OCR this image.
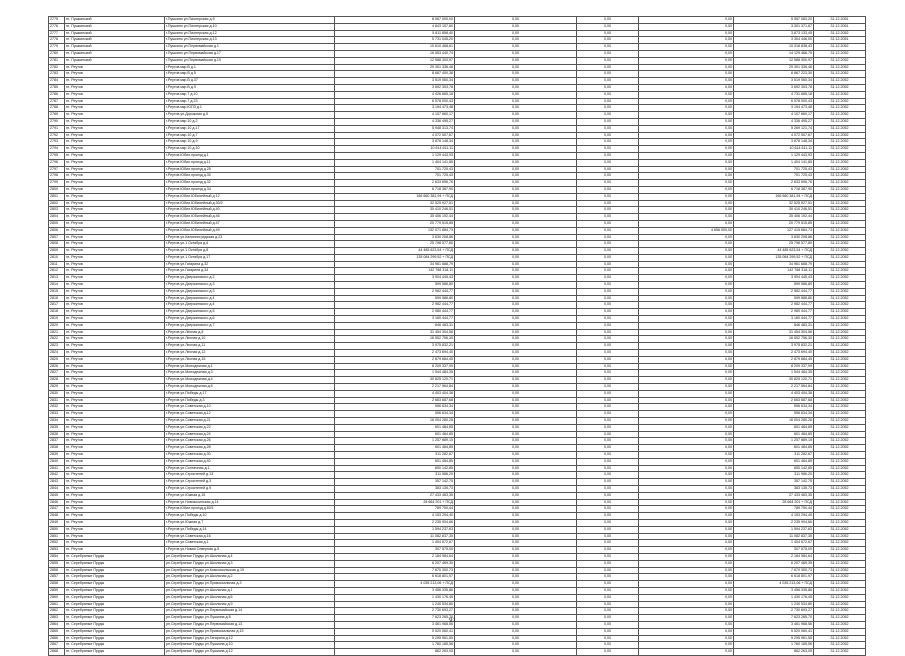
2775	гп. Пушкинский	г.Пушкино ул.Пионерская д.9	8 067 000,00	0,00	0,00	0,00	5 557 083,20	31.12.2051
2776	гп. Пушкинский	г.Пушкино ул.Пионерская д.10	4 843 157,60	0,00	0,00	0,00	3 301 371,67	31.12.2051
2777	гп. Пушкинский	г.Пушкино ул.Пионерская д.12	5 811 858,40	0,00	0,00	0,00	3 873 133,45	31.12.2052
2778	гп. Пушкинский	г.Пушкино ул.Пионерская д.13	5 731 045,20	0,00	0,00	0,00	3 304 446,00	31.12.2051
2779	гп. Пушкинский	г.Пушкино ул.Первомайская д.1	10 610 468,61	0,00	0,00	0,00	10 318 838,43	31.12.2052
2780	гп. Пушкинский	г.Пушкино ул.Первомайская д.17	16 553 440,74	0,00	0,00	0,00	14 129 466,75	31.12.2052
2781	гп. Пушкинский	г.Пушкино ул.Первомайская д.19	12 588 300,97	0,00	0,00	0,00	12 588 300,97	31.12.2052
2782	гп. Реутов	г.Реутов мкр.В д.1	29 301 336,46	0,00	0,00	0,00	29 301 336,46	31.12.2052
2783	гп. Реутов	г.Реутов мкр.В д.5	8 687 400,38	0,00	0,00	0,00	8 867 223,30	31.12.2052
2784	гп. Реутов	г.Реутов мкр.В д.37	3 519 060,34	0,00	0,00	0,00	3 519 060,34	31.12.2052
2785	гп. Реутов	г.Реутов мкр.В д.9	3 692 303,78	0,00	0,00	0,00	3 692 303,78	31.12.2052
2786	гп. Реутов	г.Реутов мкр.7 д.10	4 426 665,18	0,00	0,00	0,00	4 731 665,18	31.12.2052
2787	гп. Реутов	г.Реутов мкр.7 д.23	6 578 000,43	0,00	0,00	0,00	6 578 000,43	31.12.2052
2788	гп. Реутов	г.Реутов мкр.ЮПЗ д.1	3 194 473,48	0,00	0,00	0,00	3 194 473,48	31.12.2052
2789	гп. Реутов	г.Реутов ул.Дорожная д.5	4 107 660,17	0,00	0,00	0,00	4 107 660,17	31.12.2052
2790	гп. Реутов	г.Реутов мкр.10 д.2	4 336 495,27	0,00	0,00	0,00	4 336 495,27	31.12.2052
2791	гп. Реутов	г.Реутов мкр.10 д.17	5 948 313,74	0,00	0,00	0,00	5 269 121,74	31.12.2052
2792	гп. Реутов	г.Реутов мкр.10 д.7	4 072 507,67	0,00	0,00	0,00	4 072 507,67	31.12.2052
2793	гп. Реутов	г.Реутов мкр.10 д.9	3 878 148,34	0,00	0,00	0,00	3 878 148,34	31.12.2052
2794	гп. Реутов	г.Реутов мкр.10 д.10	10 614 611,11	0,00	0,00	0,00	10 614 611,11	31.12.2052
2795	гп. Реутов	г.Реутов Юбил.проезд д.1	1 129 443,93	0,00	0,00	0,00	1 129 443,93	31.12.2052
2796	гп. Реутов	г.Реутов Юбил.проезд д.11	1 404 141,85	0,00	0,00	0,00	1 404 141,85	31.12.2052
2797	гп. Реутов	г.Реутов Юбил.проезд д.25	701 725,43	0,00	0,00	0,00	701 725,43	31.12.2052
2798	гп. Реутов	г.Реутов Юбил.проезд д.30	701 725,43	0,00	0,00	0,00	701 725,43	31.12.2052
2799	гп. Реутов	г.Реутов Юбил.проезд д.32	2 633 696,76	0,00	0,00	0,00	2 633 696,76	31.12.2052
2800	гп. Реутов	г.Реутов Юбил.проезд д.34	6 718 387,90	0,00	0,00	0,00	6 718 387,90	31.12.2052
2801	гп. Реутов	г.Реутов Юбил.Юбилейный д.12	166 660 381,94 + ПСД	0,00	0,00	0,00	166 660 381,94 + ПСД	31.12.2052
2802	гп. Реутов	г.Реутов Юбил.Юбилейный д.30/2	32 525 927,51	0,00	0,00	0,00	32 525 927,51	31.12.2052
2803	гп. Реутов	г.Реутов Юбил.Юбилейный д.40	30 410 246,51	0,00	0,00	0,00	30 410 246,51	31.12.2052
2804	гп. Реутов	г.Реутов Юбил.Юбилейный д.46	35 406 192,44	0,00	0,00	0,00	35 406 192,44	31.12.2052
2805	гп. Реутов	г.Реутов Юбил.Юбилейный д.47	20 779 515,85	0,00	0,00	0,00	20 779 515,85	31.12.2052
2806	гп. Реутов	г.Реутов Юбил.Юбилейный д.49	132 071 684,73	0,00	0,00	4 656 000,00	127 415 684,73	31.12.2052
2807	гп. Реутов	г.Реутов ул.Калининградская д.23	3 630 208,86	0,00	0,00	0,00	3 630 208,86	31.12.2052
2808	гп. Реутов	г.Реутов ул.1 Октября д.6	25 798 577,80	0,00	0,00	0,00	25 798 577,80	31.12.2052
2809	гп. Реутов	г.Реутов ул.1 Октября д.8	44 485 623,54 + ПСД	0,00	0,00	0,00	44 485 623,54 + ПСД	31.12.2052
2810	гп. Реутов	г.Реутов ул.1 Октября д.17	135 084 299,52 + ПСД	0,00	0,00	0,00	135 084 299,52 + ПСД	31.12.2052
2811	гп. Реутов	г.Реутов ул.Гагарина д.32	34 961 688,79	0,00	0,00	0,00	34 961 688,79	31.12.2052
2812	гп. Реутов	г.Реутов ул.Гагарина д.34	142 768 318,11	0,00	0,00	0,00	142 768 318,11	31.12.2052
2813	гп. Реутов	г.Реутов ул.Дзержинского д.2	3 904 445,43	0,00	0,00	0,00	3 904 445,43	31.12.2052
2814	гп. Реутов	г.Реутов ул.Дзержинского д.3	599 586,80	0,00	0,00	0,00	599 586,80	31.12.2052
2815	гп. Реутов	г.Реутов ул.Дзержинского д.3	2 982 444,77	0,00	0,00	0,00	2 982 444,77	31.12.2052
2816	гп. Реутов	г.Реутов ул.Дзержинского д.4	599 586,80	0,00	0,00	0,00	599 586,80	31.12.2052
2817	гп. Реутов	г.Реутов ул.Дзержинского д.4	2 982 444,77	0,00	0,00	0,00	2 982 444,77	31.12.2052
2818	гп. Реутов	г.Реутов ул.Дзержинского д.5	2 980 444,77	0,00	0,00	0,00	2 980 444,77	31.12.2052
2819	гп. Реутов	г.Реутов ул.Дзержинского д.6	3 160 444,77	0,00	0,00	0,00	3 160 444,77	31.12.2052
2820	гп. Реутов	г.Реутов ул.Дзержинского д.7	846 483,31	0,00	0,00	0,00	846 483,31	31.12.2052
2821	гп. Реутов	г.Реутов ул.Лесная д.8	31 454 304,56	0,00	0,00	0,00	31 454 304,56	31.12.2052
2822	гп. Реутов	г.Реутов ул.Лесная д.10	16 552 756,30	0,00	0,00	0,00	16 552 756,30	31.12.2052
2823	гп. Реутов	г.Реутов ул.Лесная д.11	3 975 832,21	0,00	0,00	0,00	3 975 832,21	31.12.2052
2824	гп. Реутов	г.Реутов ул.Лесная д.13	2 473 694,40	0,00	0,00	0,00	2 473 694,40	31.12.2052
2825	гп. Реутов	г.Реутов ул.Лесная д.15	2 879 684,45	0,00	0,00	0,00	2 879 684,45	31.12.2052
2826	гп. Реутов	г.Реутов ул.Молодежная д.1	8 209 337,99	0,00	0,00	0,00	8 209 337,99	31.12.2052
2827	гп. Реутов	г.Реутов ул.Молодежная д.3	1 544 484,35	0,00	0,00	0,00	1 544 484,35	31.12.2052
2828	гп. Реутов	г.Реутов ул.Молодежная д.4	30 825 120,71	0,00	0,00	0,00	30 825 120,71	31.12.2052
2829	гп. Реутов	г.Реутов ул.Молодежная д.6	2 217 564,84	0,00	0,00	0,00	2 217 564,84	31.12.2052
2830	гп. Реутов	г.Реутов ул.Победы д.17	4 403 404,38	0,00	0,00	0,00	4 403 404,38	31.12.2052
2831	гп. Реутов	г.Реутов ул.Победы д.3	2 663 687,68	0,00	0,00	0,00	2 663 687,68	31.12.2052
2832	гп. Реутов	г.Реутов ул.Советская д.10	556 634,34	0,00	0,00	0,00	556 634,34	31.12.2052
2833	гп. Реутов	г.Реутов ул.Советская д.12	556 634,34	0,00	0,00	0,00	556 634,34	31.12.2052
2834	гп. Реутов	г.Реутов ул.Советская д.21	16 004 280,28	0,00	0,00	0,00	16 004 280,28	31.12.2052
2835	гп. Реутов	г.Реутов ул.Советская д.22	601 484,85	0,00	0,00	0,00	601 484,85	31.12.2052
2836	гп. Реутов	г.Реутов ул.Советская д.24	601 484,85	0,00	0,00	0,00	601 484,85	31.12.2052
2837	гп. Реутов	г.Реутов ул.Советская д.26	1 257 889,15	0,00	0,00	0,00	1 257 889,15	31.12.2052
2838	гп. Реутов	г.Реутов ул.Советская д.28	601 484,85	0,00	0,00	0,00	601 484,85	31.12.2052
2839	гп. Реутов	г.Реутов ул.Советская д.30	311 282,67	0,00	0,00	0,00	311 282,67	31.12.2052
2840	гп. Реутов	г.Реутов ул.Советская д.40	601 484,85	0,00	0,00	0,00	601 484,85	31.12.2052
2841	гп. Реутов	г.Реутов ул.Солнечная д.1	650 142,85	0,00	0,00	0,00	650 142,85	31.12.2052
2842	гп. Реутов	г.Реутов ул.Строителей д.13	311 986,20	0,00	0,00	0,00	311 986,20	31.12.2052
2843	гп. Реутов	г.Реутов ул.Строителей д.3	357 142,75	0,00	0,00	0,00	357 142,75	31.12.2052
2844	гп. Реутов	г.Реутов ул.Строителей д.9	383 135,73	0,00	0,00	0,00	383 135,73	31.12.2052
2845	гп. Реутов	г.Реутов ул.Южная д.15	27 433 463,35	0,00	0,00	0,00	27 433 463,35	31.12.2052
2846	гп. Реутов	г.Реутов ул.Новокосинская д.14	28 664 201 + ПСД	0,00	0,00	0,00	28 664 201 + ПСД	31.12.2052
2847	гп. Реутов	г.Реутов Юбил.проезд д.60/1	789 750,44	0,00	0,00	0,00	789 750,44	31.12.2052
2848	гп. Реутов	г.Реутов ул.Победы д.10	4 153 294,40	0,00	0,00	0,00	4 153 294,40	31.12.2052
2849	гп. Реутов	г.Реутов ул.Южная д.7	2 235 904,66	0,00	0,00	0,00	2 235 904,66	31.12.2052
2850	гп. Реутов	г.Реутов ул.Победы д.14	1 594 237,63	0,00	0,00	0,00	1 594 237,63	31.12.2052
2851	гп. Реутов	г.Реутов ул.Советская д.16	11 082 837,35	0,00	0,00	0,00	11 082 837,35	31.12.2052
2852	гп. Реутов	г.Реутов ул.Советская д.1	1 404 672,67	0,00	0,00	0,00	1 404 672,67	31.12.2052
2853	гп. Реутов	г.Реутов ул.Новая Северная д.5	307 575,00	0,00	0,00	0,00	307 575,00	31.12.2052
2854	гп. Серебряные Пруды	рп.Серебряные Пруды ул.Школьная д.4	2 184 984,64	0,00	0,00	0,00	2 184 984,64	31.12.2052
2855	гп. Серебряные Пруды	рп.Серебряные Пруды ул.Школьная д.3	6 207 469,35	0,00	0,00	0,00	6 207 469,35	31.12.2052
2856	гп. Серебряные Пруды	рп.Серебряные Пруды ул.Комсомольская д.19	7 670 300,73	0,00	0,00	0,00	7 670 300,73	31.12.2052
2857	гп. Серебряные Пруды	рп.Серебряные Пруды ул.Школьная д.2	6 618 801,97	0,00	0,00	0,00	6 618 801,97	31.12.2052
2858	гп. Серебряные Пруды	рп.Серебряные Пруды ул.Привокзальная д.3	4 035 213,06 + ПСД	0,00	0,00	0,00	4 035 213,06 + ПСД	31.12.2052
2859	гп. Серебряные Пруды	рп.Серебряные Пруды ул.Школьная д.1	3 456 335,86	0,00	0,00	0,00	3 456 335,86	31.12.2052
2860	гп. Серебряные Пруды	рп.Серебряные Пруды ул.Школьная д.6	1 430 176,45	0,00	0,00	0,00	1 430 176,45	31.12.2052
2861	гп. Серебряные Пруды	рп.Серебряные Пруды ул.Школьная д.9	1 240 534,80	0,00	0,00	0,00	1 240 534,80	31.12.2052
2862	гп. Серебряные Пруды	рп.Серебряные Пруды ул.Первомайская д.14	2 730 693,27	0,00	0,00	0,00	2 730 693,27	31.12.2052
2863	гп. Серебряные Пруды	рп.Серебряные Пруды ул.Пушкина д.8	7 623 265,70	0,00	0,00	0,00	7 623 265,70	31.12.2052
2864	гп. Серебряные Пруды	рп.Серебряные Пруды ул.Первомайская д.13	3 461 968,56	0,00	0,00	0,00	3 461 968,56	31.12.2052
2865	гп. Серебряные Пруды	рп.Серебряные Пруды ул.Привокзальная д.15	5 520 060,41	0,00	0,00	0,00	5 520 060,41	31.12.2052
2866	гп. Серебряные Пруды	рп.Серебряные Пруды ул.Гагарина д.12	5 295 961,55	0,00	0,00	0,00	5 295 961,55	31.12.2052
2867	гп. Серебряные Пруды	рп.Серебряные Пруды ул.Пушкина д.10	1 760 185,56	0,00	0,00	0,00	1 760 185,56	31.12.2052
2868	гп. Серебряные Пруды	рп.Серебряные Пруды ул.Пушкина д.12	862 263,05	0,00	0,00	0,00	862 263,05	31.12.2052
91
